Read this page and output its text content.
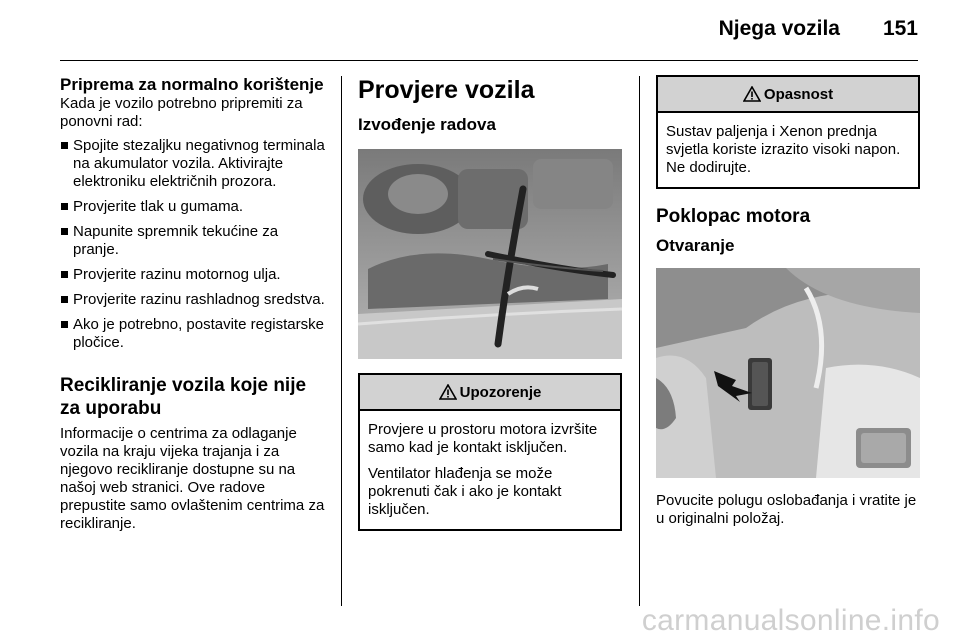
Njega vozila 151
Priprema za normalno korištenje

Kada je vozilo potrebno pripremiti za ponovni rad:

Spojite stezaljku negativnog terminala na akumulator vozila. Aktivirajte elektroniku električnih prozora.
Provjerite tlak u gumama.
Napunite spremnik tekućine za pranje.
Provjerite razinu motornog ulja.
Provjerite razinu rashladnog sredstva.
Ako je potrebno, postavite registarske pločice.
Recikliranje vozila koje nije za uporabu

Informacije o centrima za odlaganje vozila na kraju vijeka trajanja i za njegovo recikliranje dostupne su na našoj web stranici. Ove radove prepustite samo ovlaštenim centrima za recikliranje.

Provjere vozila
Izvođenje radova
Upozorenje

Provjere u prostoru motora izvršite samo kad je kontakt isključen.

Ventilator hlađenja se može pokrenuti čak i ako je kontakt isključen.

Opasnost

Sustav paljenja i Xenon prednja svjetla koriste izrazito visoki napon. Ne dodirujte.

Poklopac motora
Otvaranje

Povucite polugu oslobađanja i vratite je u originalni položaj.

carmanualsonline.info
